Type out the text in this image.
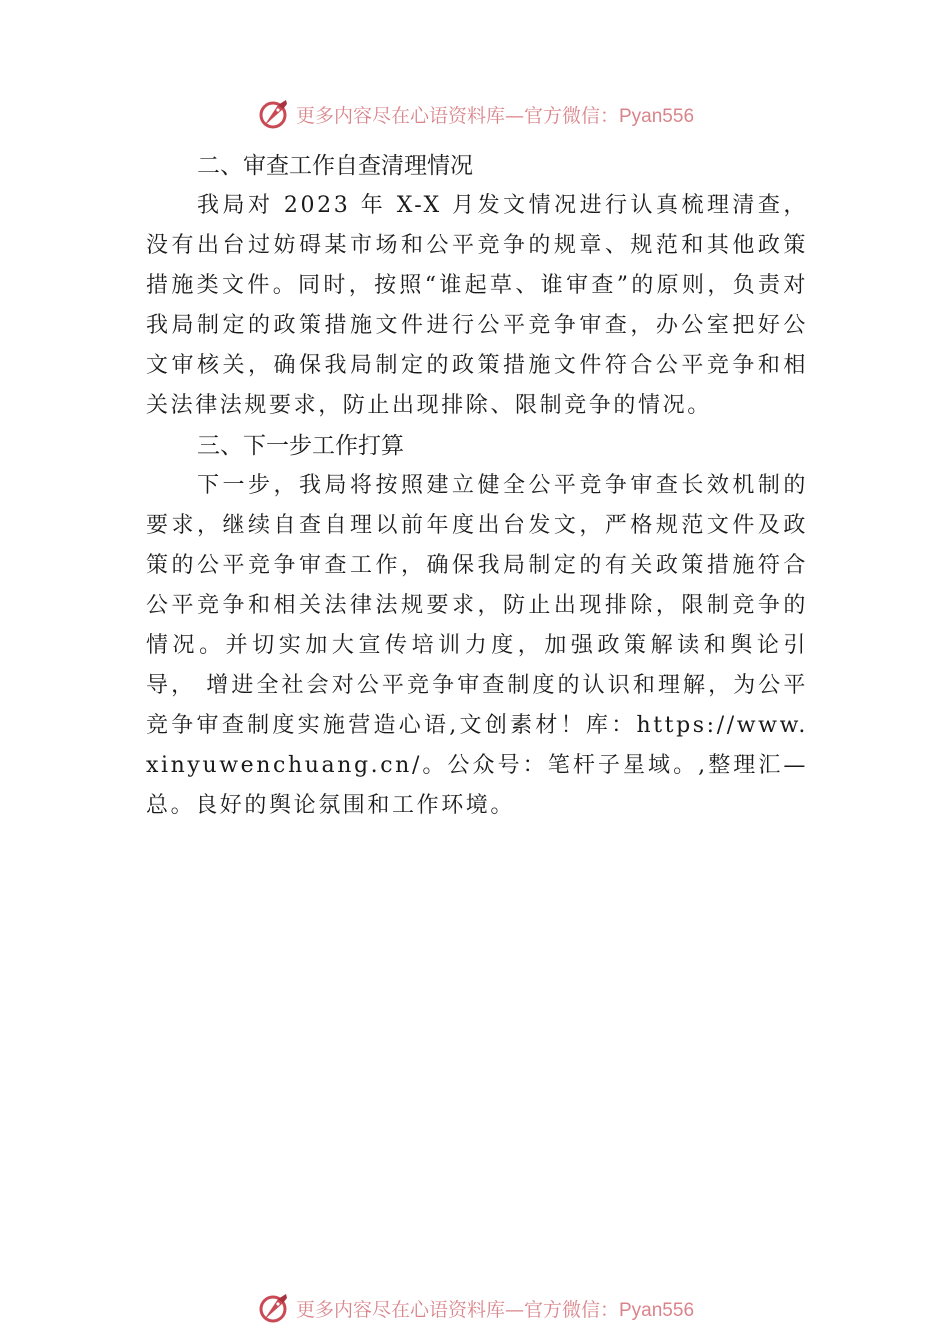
更多内容尽在心语资料库—官方微信：Pyan556
二、审查工作自查清理情况

我局对 2023 年 X-X 月发文情况进行认真梳理清查，没有出台过妨碍某市场和公平竞争的规章、规范和其他政策措施类文件。同时，按照“谁起草、谁审查”的原则，负责对我局制定的政策措施文件进行公平竞争审查，办公室把好公文审核关，确保我局制定的政策措施文件符合公平竞争和相关法律法规要求，防止出现排除、限制竞争的情况。

三、下一步工作打算

下一步，我局将按照建立健全公平竞争审查长效机制的要求，继续自查自理以前年度出台发文，严格规范文件及政策的公平竞争审查工作，确保我局制定的有关政策措施符合公平竞争和相关法律法规要求，防止出现排除，限制竞争的情况。并切实加大宣传培训力度，加强政策解读和舆论引导， 增进全社会对公平竞争审查制度的认识和理解，为公平竞争审查制度实施营造心语,文创素材！库：https://www.xinyuwenchuang.cn/。公众号：笔杆子星域。,整理汇—总。良好的舆论氛围和工作环境。

更多内容尽在心语资料库—官方微信：Pyan556
